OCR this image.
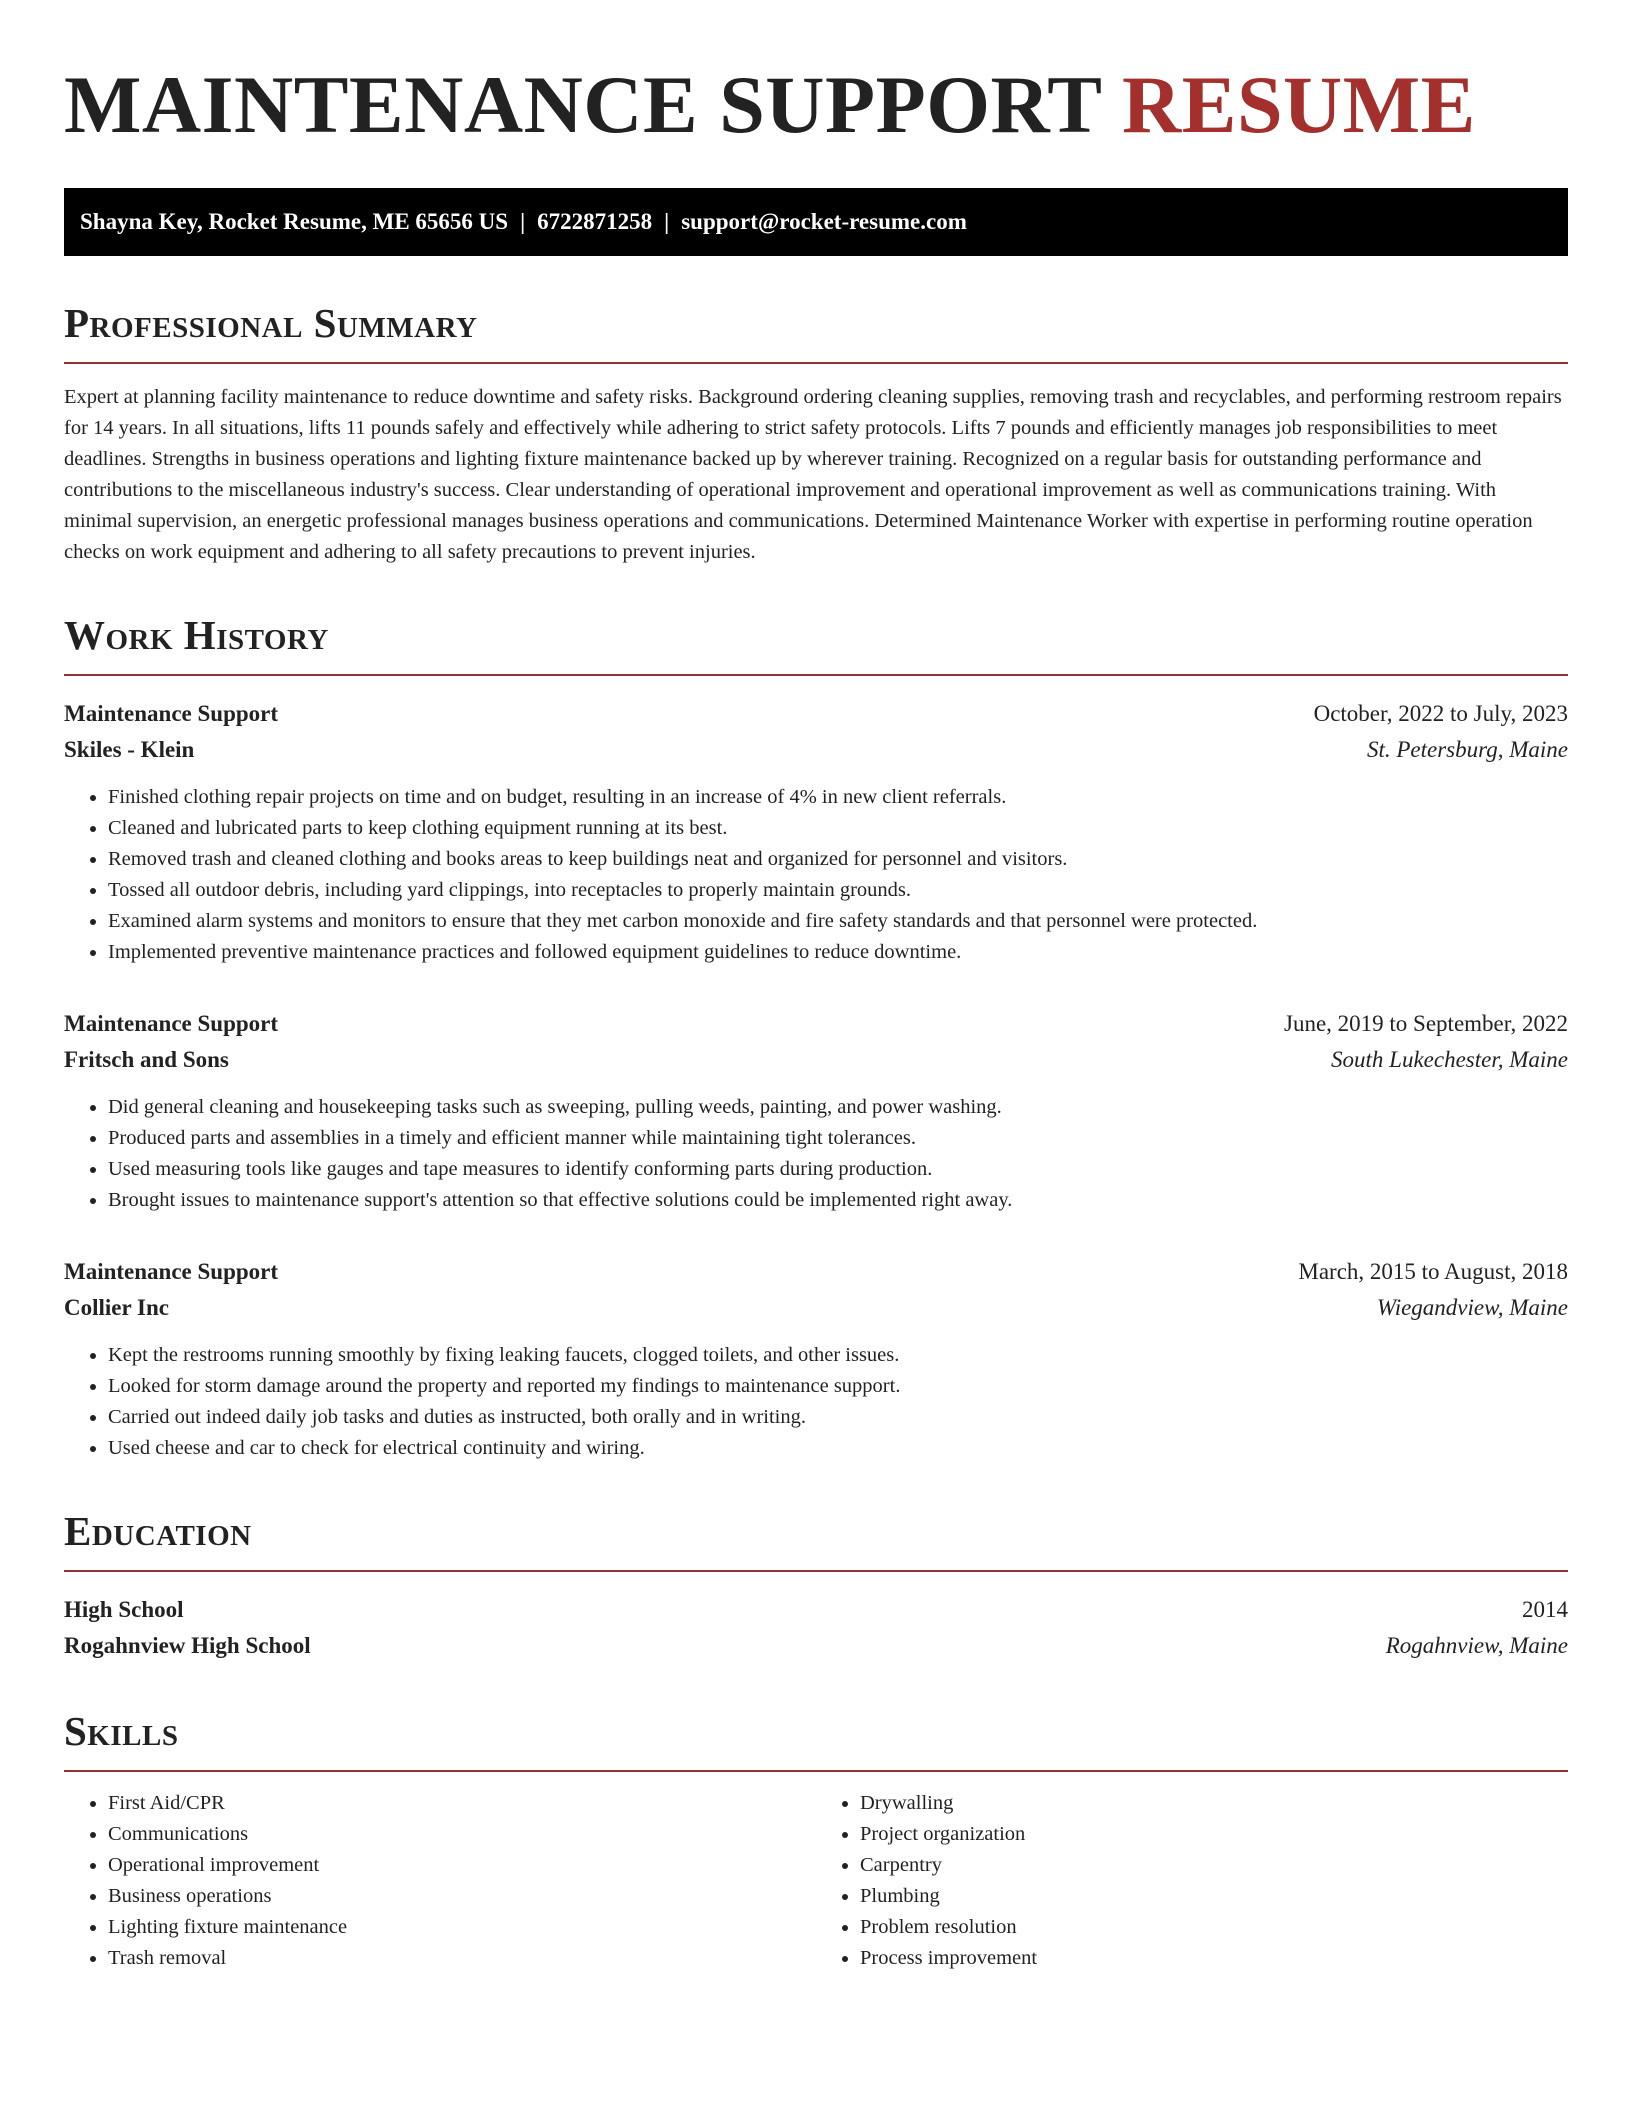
MAINTENANCE SUPPORT RESUME
Shayna Key, Rocket Resume, ME 65656 US | 6722871258 | support@rocket-resume.com
Professional Summary

Expert at planning facility maintenance to reduce downtime and safety risks. Background ordering cleaning supplies, removing trash and recyclables, and performing restroom repairs for 14 years. In all situations, lifts 11 pounds safely and effectively while adhering to strict safety protocols. Lifts 7 pounds and efficiently manages job responsibilities to meet deadlines. Strengths in business operations and lighting fixture maintenance backed up by wherever training. Recognized on a regular basis for outstanding performance and contributions to the miscellaneous industry's success. Clear understanding of operational improvement and operational improvement as well as communications training. With minimal supervision, an energetic professional manages business operations and communications. Determined Maintenance Worker with expertise in performing routine operation checks on work equipment and adhering to all safety precautions to prevent injuries.

Work History
Maintenance Support	October, 2022 to July, 2023
Skiles - Klein	St. Petersburg, Maine
• Finished clothing repair projects on time and on budget, resulting in an increase of 4% in new client referrals.
• Cleaned and lubricated parts to keep clothing equipment running at its best.
• Removed trash and cleaned clothing and books areas to keep buildings neat and organized for personnel and visitors.
• Tossed all outdoor debris, including yard clippings, into receptacles to properly maintain grounds.
• Examined alarm systems and monitors to ensure that they met carbon monoxide and fire safety standards and that personnel were protected.
• Implemented preventive maintenance practices and followed equipment guidelines to reduce downtime.
Maintenance Support	June, 2019 to September, 2022
Fritsch and Sons	South Lukechester, Maine
• Did general cleaning and housekeeping tasks such as sweeping, pulling weeds, painting, and power washing.
• Produced parts and assemblies in a timely and efficient manner while maintaining tight tolerances.
• Used measuring tools like gauges and tape measures to identify conforming parts during production.
• Brought issues to maintenance support's attention so that effective solutions could be implemented right away.
Maintenance Support	March, 2015 to August, 2018
Collier Inc	Wiegandview, Maine
• Kept the restrooms running smoothly by fixing leaking faucets, clogged toilets, and other issues.
• Looked for storm damage around the property and reported my findings to maintenance support.
• Carried out indeed daily job tasks and duties as instructed, both orally and in writing.
• Used cheese and car to check for electrical continuity and wiring.
Education
High School	2014
Rogahnview High School	Rogahnview, Maine
Skills
• First Aid/CPR
• Communications
• Operational improvement
• Business operations
• Lighting fixture maintenance
• Trash removal
• Drywalling
• Project organization
• Carpentry
• Plumbing
• Problem resolution
• Process improvement
